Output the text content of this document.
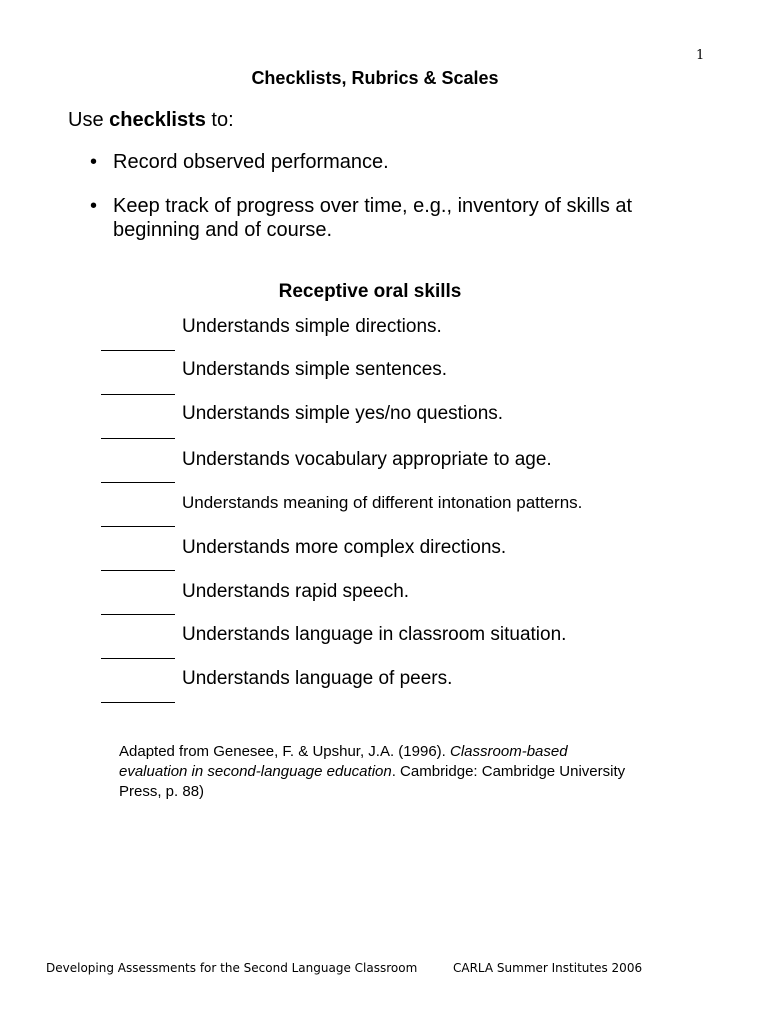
1
Checklists, Rubrics & Scales
Use checklists to:
• Record observed performance.
• Keep track of progress over time, e.g., inventory of skills at beginning and of course.
Receptive oral skills
Understands simple directions.
Understands simple sentences.
Understands simple yes/no questions.
Understands vocabulary appropriate to age.
Understands meaning of different intonation patterns.
Understands more complex directions.
Understands rapid speech.
Understands language in classroom situation.
Understands language of peers.
Adapted from Genesee, F. & Upshur, J.A. (1996). Classroom-based evaluation in second-language education. Cambridge: Cambridge University Press, p. 88)
Developing Assessments for the Second Language Classroom	CARLA Summer Institutes 2006
